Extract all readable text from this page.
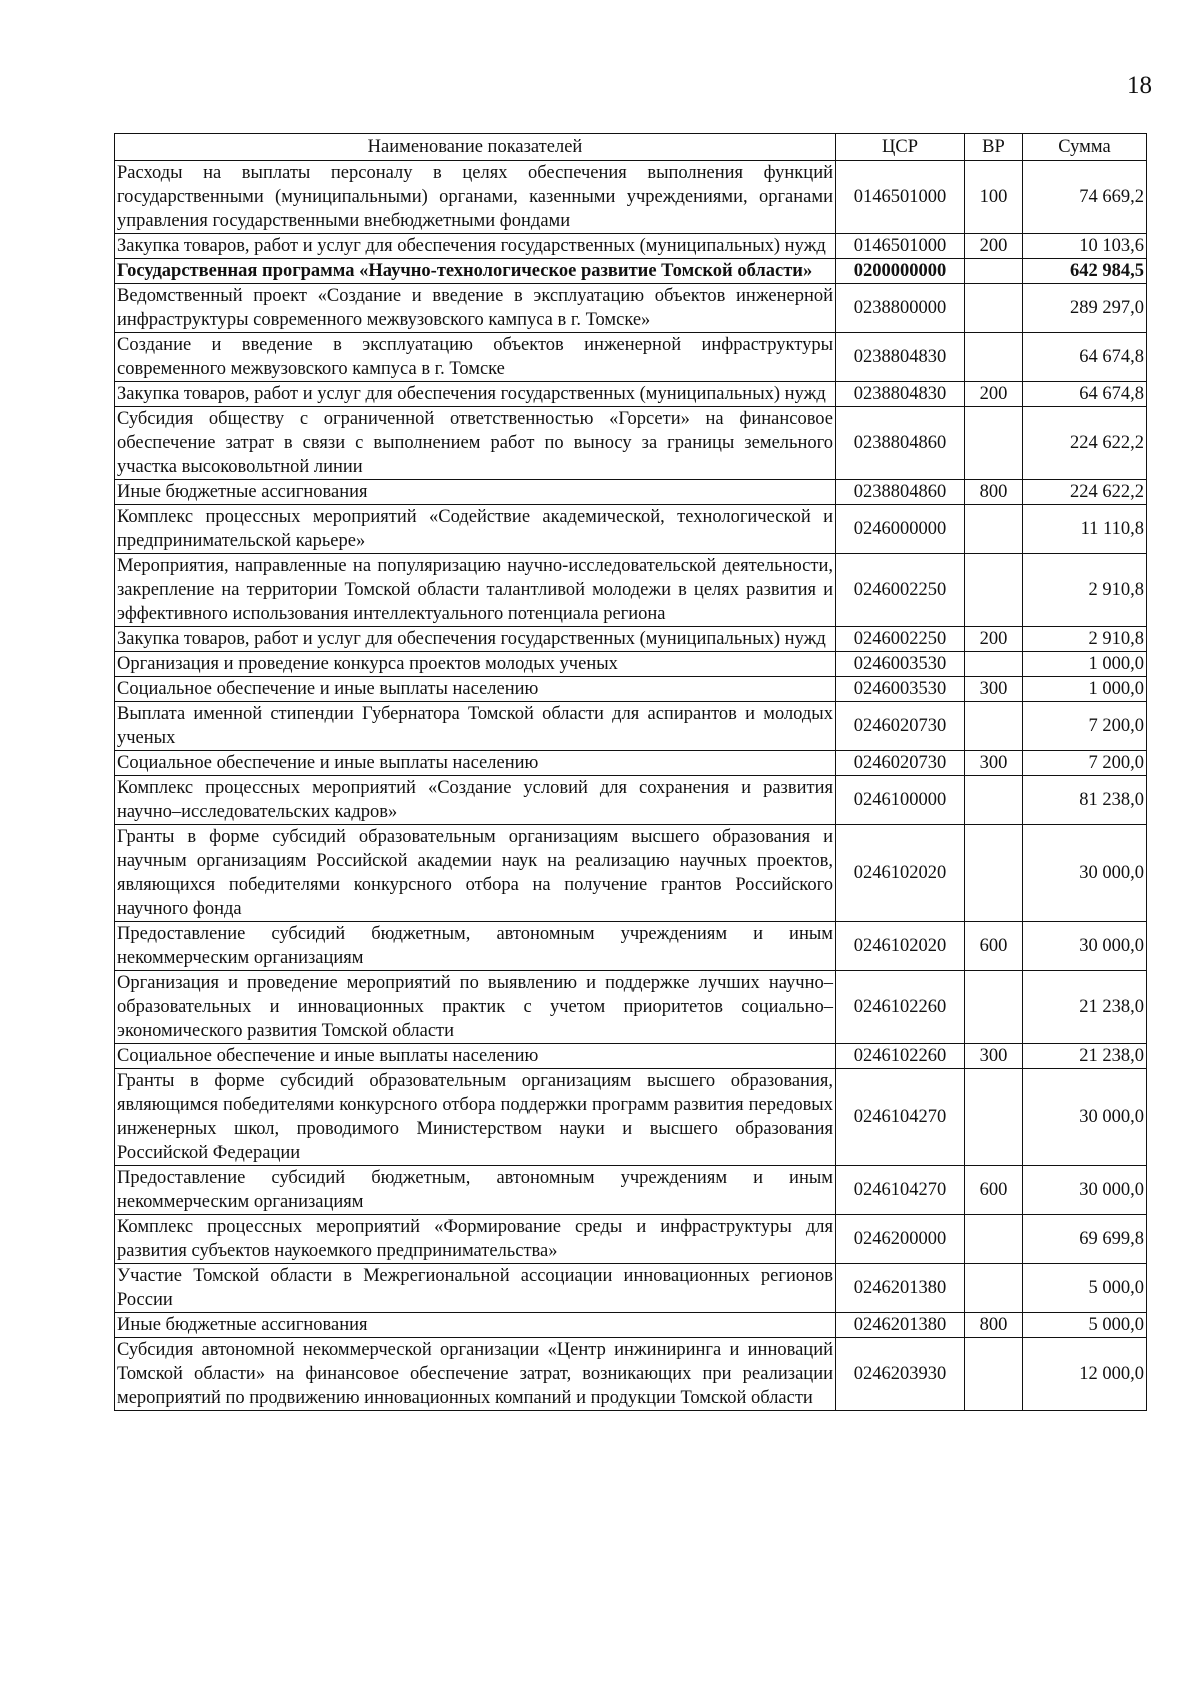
18
Наименование показателей	ЦСР	ВР	Сумма
Расходы на выплаты персоналу в целях обеспечения выполнения функций государственными (муниципальными) органами, казенными учреждениями, органами управления государственными внебюджетными фондами	0146501000	100	74 669,2
Закупка товаров, работ и услуг для обеспечения государственных (муниципальных) нужд	0146501000	200	10 103,6
Государственная программа «Научно-технологическое развитие Томской области»	0200000000		642 984,5
Ведомственный проект «Создание и введение в эксплуатацию объектов инженерной инфраструктуры современного межвузовского кампуса в г. Томске»	0238800000		289 297,0
Создание и введение в эксплуатацию объектов инженерной инфраструктуры современного межвузовского кампуса в г. Томске	0238804830		64 674,8
Закупка товаров, работ и услуг для обеспечения государственных (муниципальных) нужд	0238804830	200	64 674,8
Субсидия обществу с ограниченной ответственностью «Горсети» на финансовое обеспечение затрат в связи с выполнением работ по выносу за границы земельного участка высоковольтной линии	0238804860		224 622,2
Иные бюджетные ассигнования	0238804860	800	224 622,2
Комплекс процессных мероприятий «Содействие академической, технологической и предпринимательской карьере»	0246000000		11 110,8
Мероприятия, направленные на популяризацию научно-исследовательской деятельности, закрепление на территории Томской области талантливой молодежи в целях развития и эффективного использования интеллектуального потенциала региона	0246002250		2 910,8
Закупка товаров, работ и услуг для обеспечения государственных (муниципальных) нужд	0246002250	200	2 910,8
Организация и проведение конкурса проектов молодых ученых	0246003530		1 000,0
Социальное обеспечение и иные выплаты населению	0246003530	300	1 000,0
Выплата именной стипендии Губернатора Томской области для аспирантов и молодых ученых	0246020730		7 200,0
Социальное обеспечение и иные выплаты населению	0246020730	300	7 200,0
Комплекс процессных мероприятий «Создание условий для сохранения и развития научно–исследовательских кадров»	0246100000		81 238,0
Гранты в форме субсидий образовательным организациям высшего образования и научным организациям Российской академии наук на реализацию научных проектов, являющихся победителями конкурсного отбора на получение грантов Российского научного фонда	0246102020		30 000,0
Предоставление субсидий бюджетным, автономным учреждениям и иным некоммерческим организациям	0246102020	600	30 000,0
Организация и проведение мероприятий по выявлению и поддержке лучших научно–образовательных и инновационных практик с учетом приоритетов социально–экономического развития Томской области	0246102260		21 238,0
Социальное обеспечение и иные выплаты населению	0246102260	300	21 238,0
Гранты в форме субсидий образовательным организациям высшего образования, являющимся победителями конкурсного отбора поддержки программ развития передовых инженерных школ, проводимого Министерством науки и высшего образования Российской Федерации	0246104270		30 000,0
Предоставление субсидий бюджетным, автономным учреждениям и иным некоммерческим организациям	0246104270	600	30 000,0
Комплекс процессных мероприятий «Формирование среды и инфраструктуры для развития субъектов наукоемкого предпринимательства»	0246200000		69 699,8
Участие Томской области в Межрегиональной ассоциации инновационных регионов России	0246201380		5 000,0
Иные бюджетные ассигнования	0246201380	800	5 000,0
Субсидия автономной некоммерческой организации «Центр инжиниринга и инноваций Томской области» на финансовое обеспечение затрат, возникающих при реализации мероприятий по продвижению инновационных компаний и продукции Томской области	0246203930		12 000,0
